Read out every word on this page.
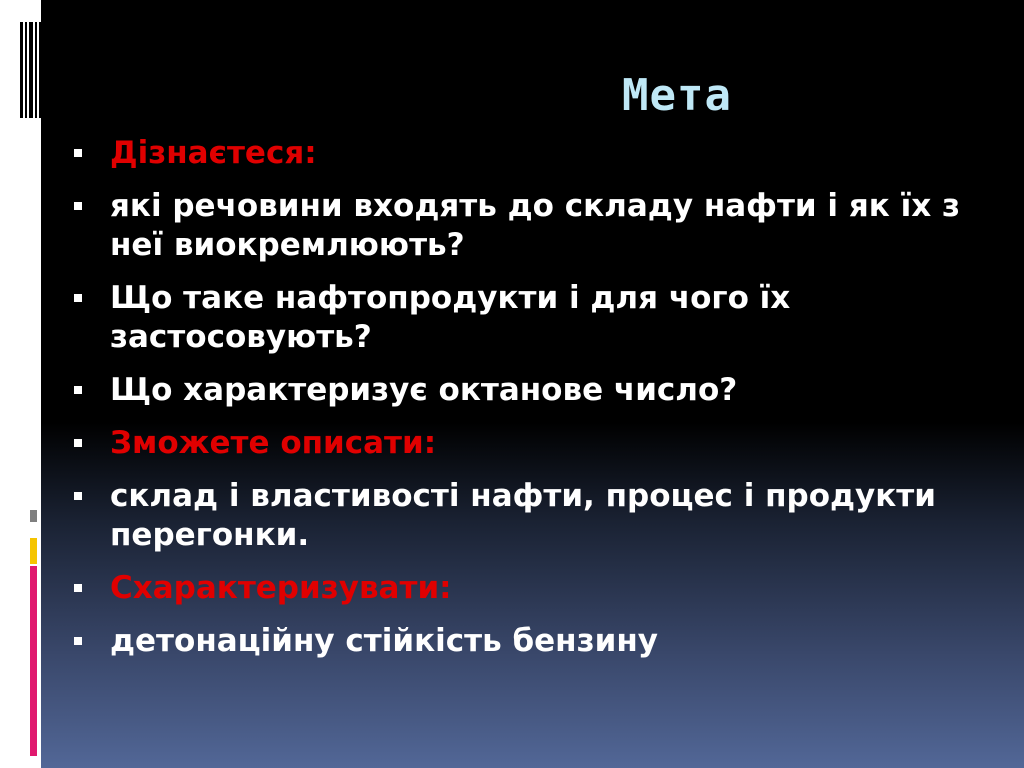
Мета
Дізнаєтеся:
які речовини входять до складу нафти і як їх з неї виокремлюють?
Що таке нафтопродукти і для чого їх застосовують?
Що характеризує октанове число?
Зможете описати:
склад і властивості нафти, процес і продукти перегонки.
Схарактеризувати:
детонаційну стійкість бензину
